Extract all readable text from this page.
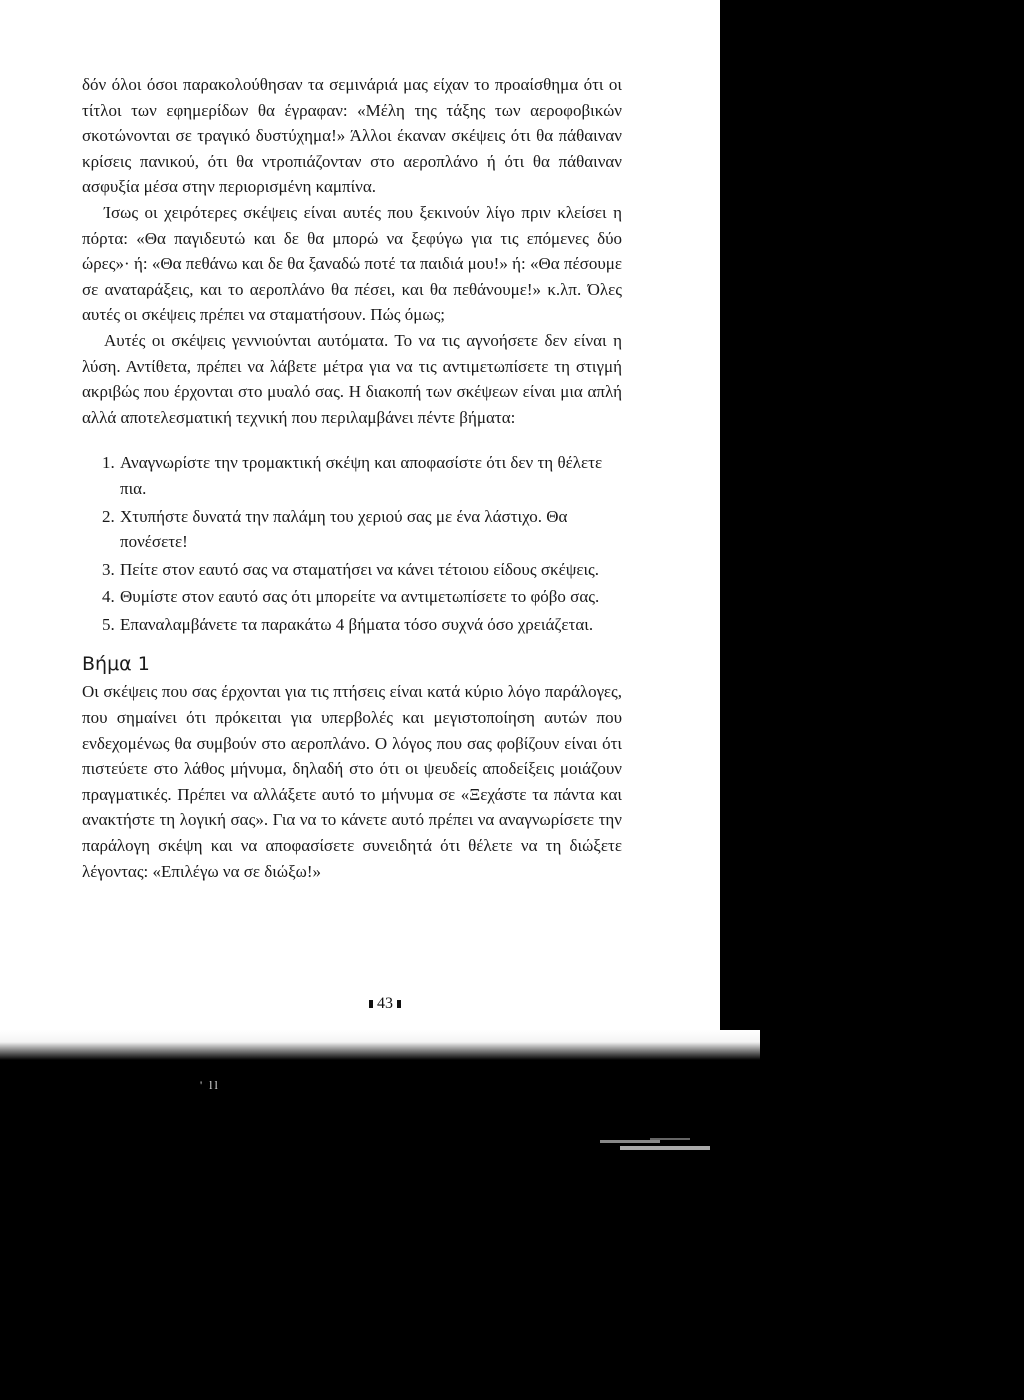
δόν όλοι όσοι παρακολούθησαν τα σεμινάριά μας είχαν το προαίσθημα ότι οι τίτλοι των εφημερίδων θα έγραφαν: «Μέλη της τάξης των αεροφοβικών σκοτώνονται σε τραγικό δυστύχημα!» Άλλοι έκαναν σκέψεις ότι θα πάθαιναν κρίσεις πανικού, ότι θα ντροπιάζονταν στο αεροπλάνο ή ότι θα πάθαιναν ασφυξία μέσα στην περιορισμένη καμπίνα.

Ίσως οι χειρότερες σκέψεις είναι αυτές που ξεκινούν λίγο πριν κλείσει η πόρτα: «Θα παγιδευτώ και δε θα μπορώ να ξεφύγω για τις επόμενες δύο ώρες»· ή: «Θα πεθάνω και δε θα ξαναδώ ποτέ τα παιδιά μου!» ή: «Θα πέσουμε σε αναταράξεις, και το αεροπλάνο θα πέσει, και θα πεθάνουμε!» κ.λπ. Όλες αυτές οι σκέψεις πρέπει να σταματήσουν. Πώς όμως;

Αυτές οι σκέψεις γεννιούνται αυτόματα. Το να τις αγνοήσετε δεν είναι η λύση. Αντίθετα, πρέπει να λάβετε μέτρα για να τις αντιμετωπίσετε τη στιγμή ακριβώς που έρχονται στο μυαλό σας. Η διακοπή των σκέψεων είναι μια απλή αλλά αποτελεσματική τεχνική που περιλαμβάνει πέντε βήματα:

1. Αναγνωρίστε την τρομακτική σκέψη και αποφασίστε ότι δεν τη θέλετε πια.
2. Χτυπήστε δυνατά την παλάμη του χεριού σας με ένα λάστιχο. Θα πονέσετε!
3. Πείτε στον εαυτό σας να σταματήσει να κάνει τέτοιου είδους σκέψεις.
4. Θυμίστε στον εαυτό σας ότι μπορείτε να αντιμετωπίσετε το φόβο σας.
5. Επαναλαμβάνετε τα παρακάτω 4 βήματα τόσο συχνά όσο χρειάζεται.
Βήμα 1

Οι σκέψεις που σας έρχονται για τις πτήσεις είναι κατά κύριο λόγο παράλογες, που σημαίνει ότι πρόκειται για υπερβολές και μεγιστοποίηση αυτών που ενδεχομένως θα συμβούν στο αεροπλάνο. Ο λόγος που σας φοβίζουν είναι ότι πιστεύετε στο λάθος μήνυμα, δηλαδή στο ότι οι ψευδείς αποδείξεις μοιάζουν πραγματικές. Πρέπει να αλλάξετε αυτό το μήνυμα σε «Ξεχάστε τα πάντα και ανακτήστε τη λογική σας». Για να το κάνετε αυτό πρέπει να αναγνωρίσετε την παράλογη σκέψη και να αποφασίσετε συνειδητά ότι θέλετε να τη διώξετε λέγοντας: «Επιλέγω να σε διώξω!»

43
' ll
